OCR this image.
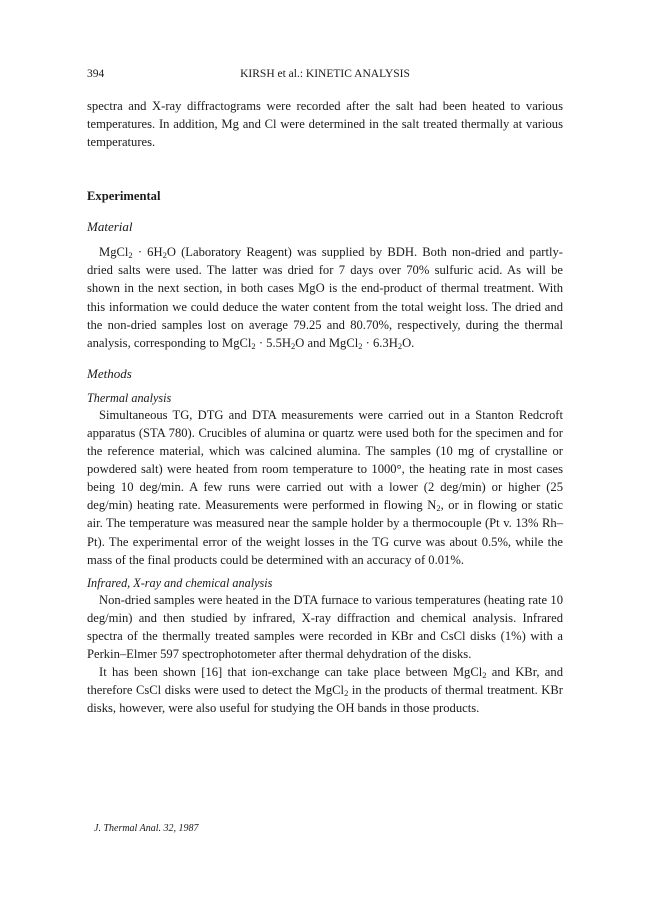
394	KIRSH et al.: KINETIC ANALYSIS

spectra and X-ray diffractograms were recorded after the salt had been heated to various temperatures. In addition, Mg and Cl were determined in the salt treated thermally at various temperatures.

Experimental
Material

MgCl$_2$ · $6H_2O$ (Laboratory Reagent) was supplied by BDH. Both non-dried and partly-dried salts were used. The latter was dried for 7 days over 70% sulfuric acid. As will be shown in the next section, in both cases MgO is the end-product of thermal treatment. With this information we could deduce the water content from the total weight loss. The dried and the non-dried samples lost on average 79.25 and 80.70%, respectively, during the thermal analysis, corresponding to MgCl$_2$ · $5.5H_2O$ and MgCl$_2$ · $6.3H_2O$.

Methods
Thermal analysis

Simultaneous TG, DTG and DTA measurements were carried out in a Stanton Redcroft apparatus (STA 780). Crucibles of alumina or quartz were used both for the specimen and for the reference material, which was calcined alumina. The samples (10 mg of crystalline or powdered salt) were heated from room temperature to 1000°, the heating rate in most cases being 10 deg/min. A few runs were carried out with a lower (2 deg/min) or higher (25 deg/min) heating rate. Measurements were performed in flowing $N_2$, or in flowing or static air. The temperature was measured near the sample holder by a thermocouple (Pt v. 13% Rh–Pt). The experimental error of the weight losses in the TG curve was about 0.5%, while the mass of the final products could be determined with an accuracy of 0.01%.

Infrared, X-ray and chemical analysis

Non-dried samples were heated in the DTA furnace to various temperatures (heating rate 10 deg/min) and then studied by infrared, X-ray diffraction and chemical analysis. Infrared spectra of the thermally treated samples were recorded in KBr and CsCl disks (1%) with a Perkin–Elmer 597 spectrophotometer after thermal dehydration of the disks.

It has been shown [16] that ion-exchange can take place between MgCl$_2$ and KBr, and therefore CsCl disks were used to detect the MgCl$_2$ in the products of thermal treatment. KBr disks, however, were also useful for studying the OH bands in those products.

J. Thermal Anal. 32, 1987
